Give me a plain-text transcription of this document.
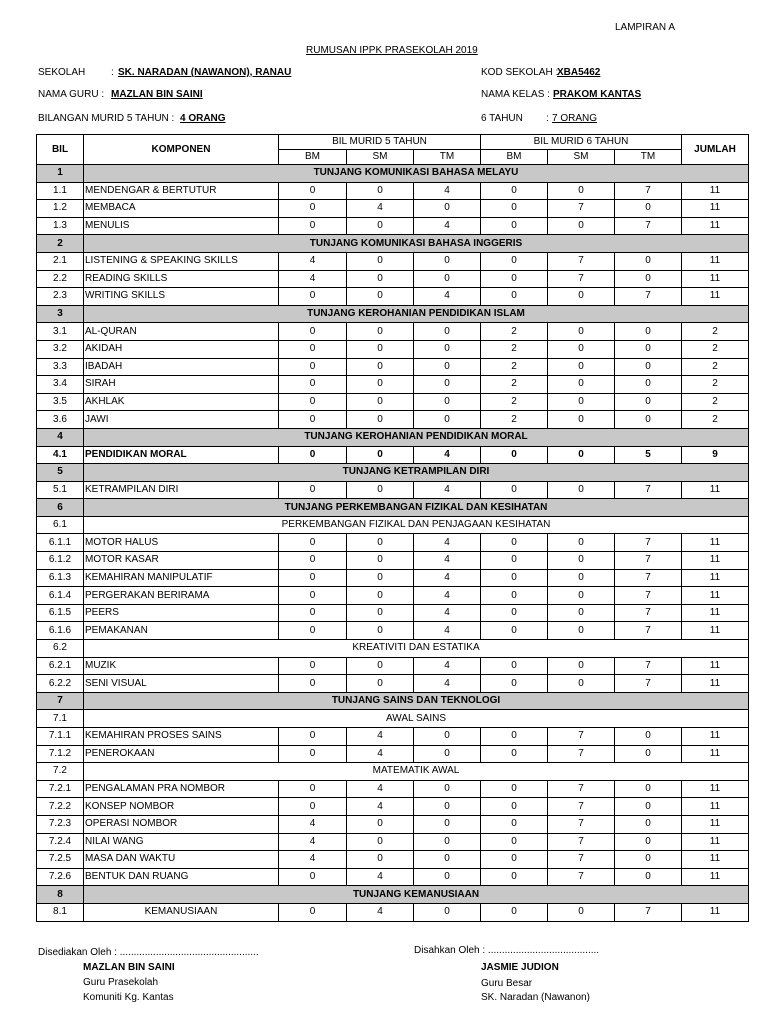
LAMPIRAN A
RUMUSAN IPPK PRASEKOLAH 2019
SEKOLAH	: SK. NARADAN (NAWANON), RANAU	KOD SEKOLAH :
XBA5462
NAMA GURU : MAZLAN BIN SAINI	NAMA KELAS : PRAKOM KANTAS
BILANGAN MURID 5 TAHUN : 4 ORANG	6 TAHUN : 7 ORANG
BIL	KOMPONEN	BIL MURID 5 TAHUN			BIL MURID 6 TAHUN			JUMLAH
		BM	SM	TM	BM	SM	TM	
1	TUNJANG KOMUNIKASI BAHASA MELAYU							
1.1	MENDENGAR & BERTUTUR	0	0	4	0	0	7	11
1.2	MEMBACA	0	4	0	0	7	0	11
1.3	MENULIS	0	0	4	0	0	7	11
2	TUNJANG KOMUNIKASI BAHASA INGGERIS							
2.1	LISTENING & SPEAKING SKILLS	4	0	0	0	7	0	11
2.2	READING SKILLS	4	0	0	0	7	0	11
2.3	WRITING SKILLS	0	0	4	0	0	7	11
3	TUNJANG KEROHANIAN PENDIDIKAN ISLAM							
3.1	AL-QURAN	0	0	0	2	0	0	2
3.2	AKIDAH	0	0	0	2	0	0	2
3.3	IBADAH	0	0	0	2	0	0	2
3.4	SIRAH	0	0	0	2	0	0	2
3.5	AKHLAK	0	0	0	2	0	0	2
3.6	JAWI	0	0	0	2	0	0	2
4	TUNJANG KEROHANIAN PENDIDIKAN MORAL							
4.1	PENDIDIKAN MORAL	0	0	4	0	0	5	9
5	TUNJANG KETRAMPILAN DIRI							
5.1	KETRAMPILAN DIRI	0	0	4	0	0	7	11
6	TUNJANG PERKEMBANGAN FIZIKAL DAN KESIHATAN							
6.1	PERKEMBANGAN FIZIKAL DAN PENJAGAAN KESIHATAN							
6.1.1	MOTOR HALUS	0	0	4	0	0	7	11
6.1.2	MOTOR KASAR	0	0	4	0	0	7	11
6.1.3	KEMAHIRAN MANIPULATIF	0	0	4	0	0	7	11
6.1.4	PERGERAKAN BERIRAMA	0	0	4	0	0	7	11
6.1.5	PEERS	0	0	4	0	0	7	11
6.1.6	PEMAKANAN	0	0	4	0	0	7	11
6.2	KREATIVITI DAN ESTATIKA							
6.2.1	MUZIK	0	0	4	0	0	7	11
6.2.2	SENI VISUAL	0	0	4	0	0	7	11
7	TUNJANG SAINS DAN TEKNOLOGI							
7.1	AWAL SAINS							
7.1.1	KEMAHIRAN PROSES SAINS	0	4	0	0	7	0	11
7.1.2	PENEROKAAN	0	4	0	0	7	0	11
7.2	MATEMATIK AWAL							
7.2.1	PENGALAMAN PRA NOMBOR	0	4	0	0	7	0	11
7.2.2	KONSEP NOMBOR	0	4	0	0	7	0	11
7.2.3	OPERASI NOMBOR	4	0	0	0	7	0	11
7.2.4	NILAI WANG	4	0	0	0	7	0	11
7.2.5	MASA DAN WAKTU	4	0	0	0	7	0	11
7.2.6	BENTUK DAN RUANG	0	4	0	0	7	0	11
8	TUNJANG KEMANUSIAAN							
8.1	KEMANUSIAAN	0	4	0	0	0	7	11
Disediakan Oleh : ..................................................
MAZLAN BIN SAINI
Guru Prasekolah
Komuniti Kg. Kantas
Disahkan Oleh : ........................................
JASMIE JUDION
Guru Besar
SK. Naradan (Nawanon)
